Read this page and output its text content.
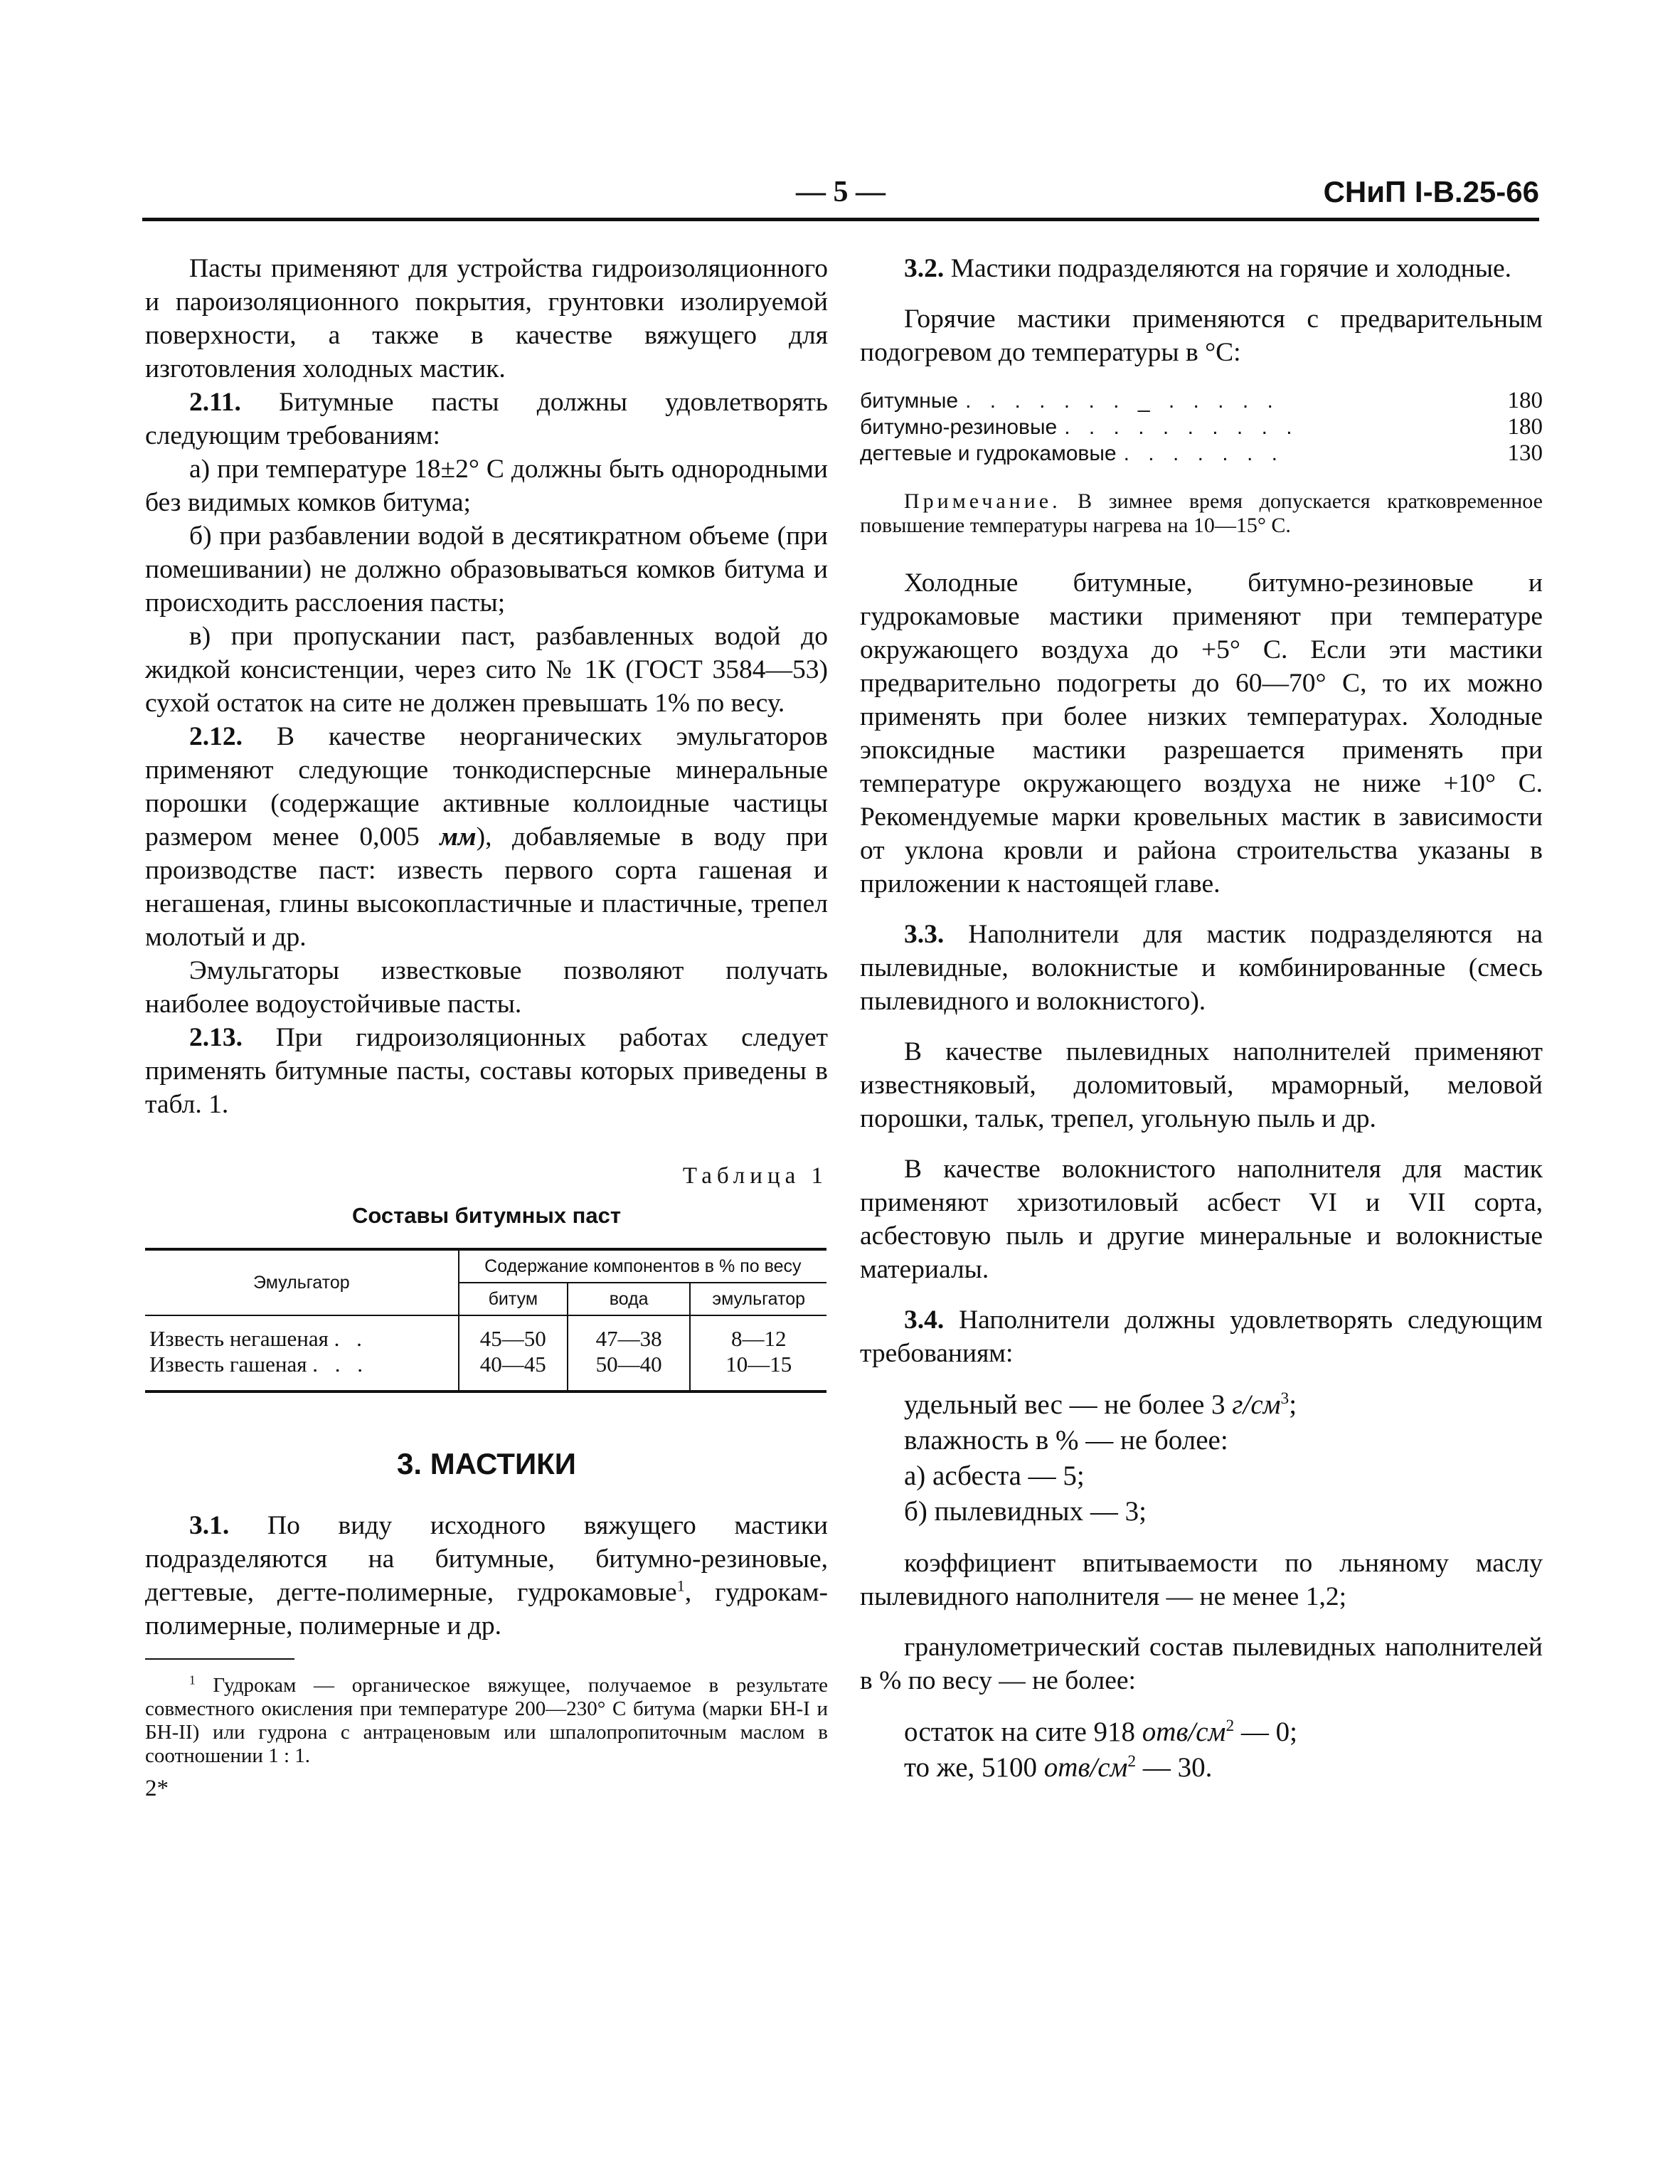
— 5 —	СНиП I-В.25-66

Пасты применяют для устройства гидроизоляционного и пароизоляционного покрытия, грунтовки изолируемой поверхности, а также в качестве вяжущего для изготовления холодных мастик.

2.11. Битумные пасты должны удовлетворять следующим требованиям:

а) при температуре 18±2° С должны быть однородными без видимых комков битума;

б) при разбавлении водой в десятикратном объеме (при помешивании) не должно образовываться комков битума и происходить расслоения пасты;

в) при пропускании паст, разбавленных водой до жидкой консистенции, через сито № 1К (ГОСТ 3584—53) сухой остаток на сите не должен превышать 1% по весу.

2.12. В качестве неорганических эмульгаторов применяют следующие тонкодисперсные минеральные порошки (содержащие активные коллоидные частицы размером менее 0,005 мм), добавляемые в воду при производстве паст: известь первого сорта гашеная и негашеная, глины высокопластичные и пластичные, трепел молотый и др.

Эмульгаторы известковые позволяют получать наиболее водоустойчивые пасты.

2.13. При гидроизоляционных работах следует применять битумные пасты, составы которых приведены в табл. 1.

Таблица 1
Составы битумных паст
Эмульгатор	Содержание компонентов в % по весу		
	битум	вода	эмульгатор
Известь негашеная . .	45—50	47—38	8—12
Известь гашеная . . .	40—45	50—40	10—15
3. МАСТИКИ

3.1. По виду исходного вяжущего мастики подразделяются на битумные, битумно-резиновые, дегтевые, дегте-полимерные, гудрокамовые$^1$, гудрокам-полимерные, полимерные и др.

$^1$ Гудрокам — органическое вяжущее, получаемое в результате совместного окисления при температуре 200—230° С битума (марки БН-I и БН-II) или гудрона с антраценовым или шпалопропиточным маслом в соотношении 1 : 1.

2*

3.2. Мастики подразделяются на горячие и холодные.

Горячие мастики применяются с предварительным подогревом до температуры в °С:

битумные . . . . . . . _ . . . . .	180
битумно-резиновые . . . . . . . . . .	180
дегтевые и гудрокамовые . . . . . . .	130

Примечание. В зимнее время допускается кратковременное повышение температуры нагрева на 10—15° С.

Холодные битумные, битумно-резиновые и гудрокамовые мастики применяют при температуре окружающего воздуха до +5° С. Если эти мастики предварительно подогреты до 60—70° С, то их можно применять при более низких температурах. Холодные эпоксидные мастики разрешается применять при температуре окружающего воздуха не ниже +10° С. Рекомендуемые марки кровельных мастик в зависимости от уклона кровли и района строительства указаны в приложении к настоящей главе.

3.3. Наполнители для мастик подразделяются на пылевидные, волокнистые и комбинированные (смесь пылевидного и волокнистого).

В качестве пылевидных наполнителей применяют известняковый, доломитовый, мраморный, меловой порошки, тальк, трепел, угольную пыль и др.

В качестве волокнистого наполнителя для мастик применяют хризотиловый асбест VI и VII сорта, асбестовую пыль и другие минеральные и волокнистые материалы.

3.4. Наполнители должны удовлетворять следующим требованиям:

удельный вес — не более 3 $г/см^3$;

влажность в % — не более:

а) асбеста — 5;

б) пылевидных — 3;

коэффициент впитываемости по льняному маслу пылевидного наполнителя — не менее 1,2;

гранулометрический состав пылевидных наполнителей в % по весу — не более:

остаток на сите 918 отв/$см^2$ — 0;

то же, 5100 отв/$см^2$ — 30.
